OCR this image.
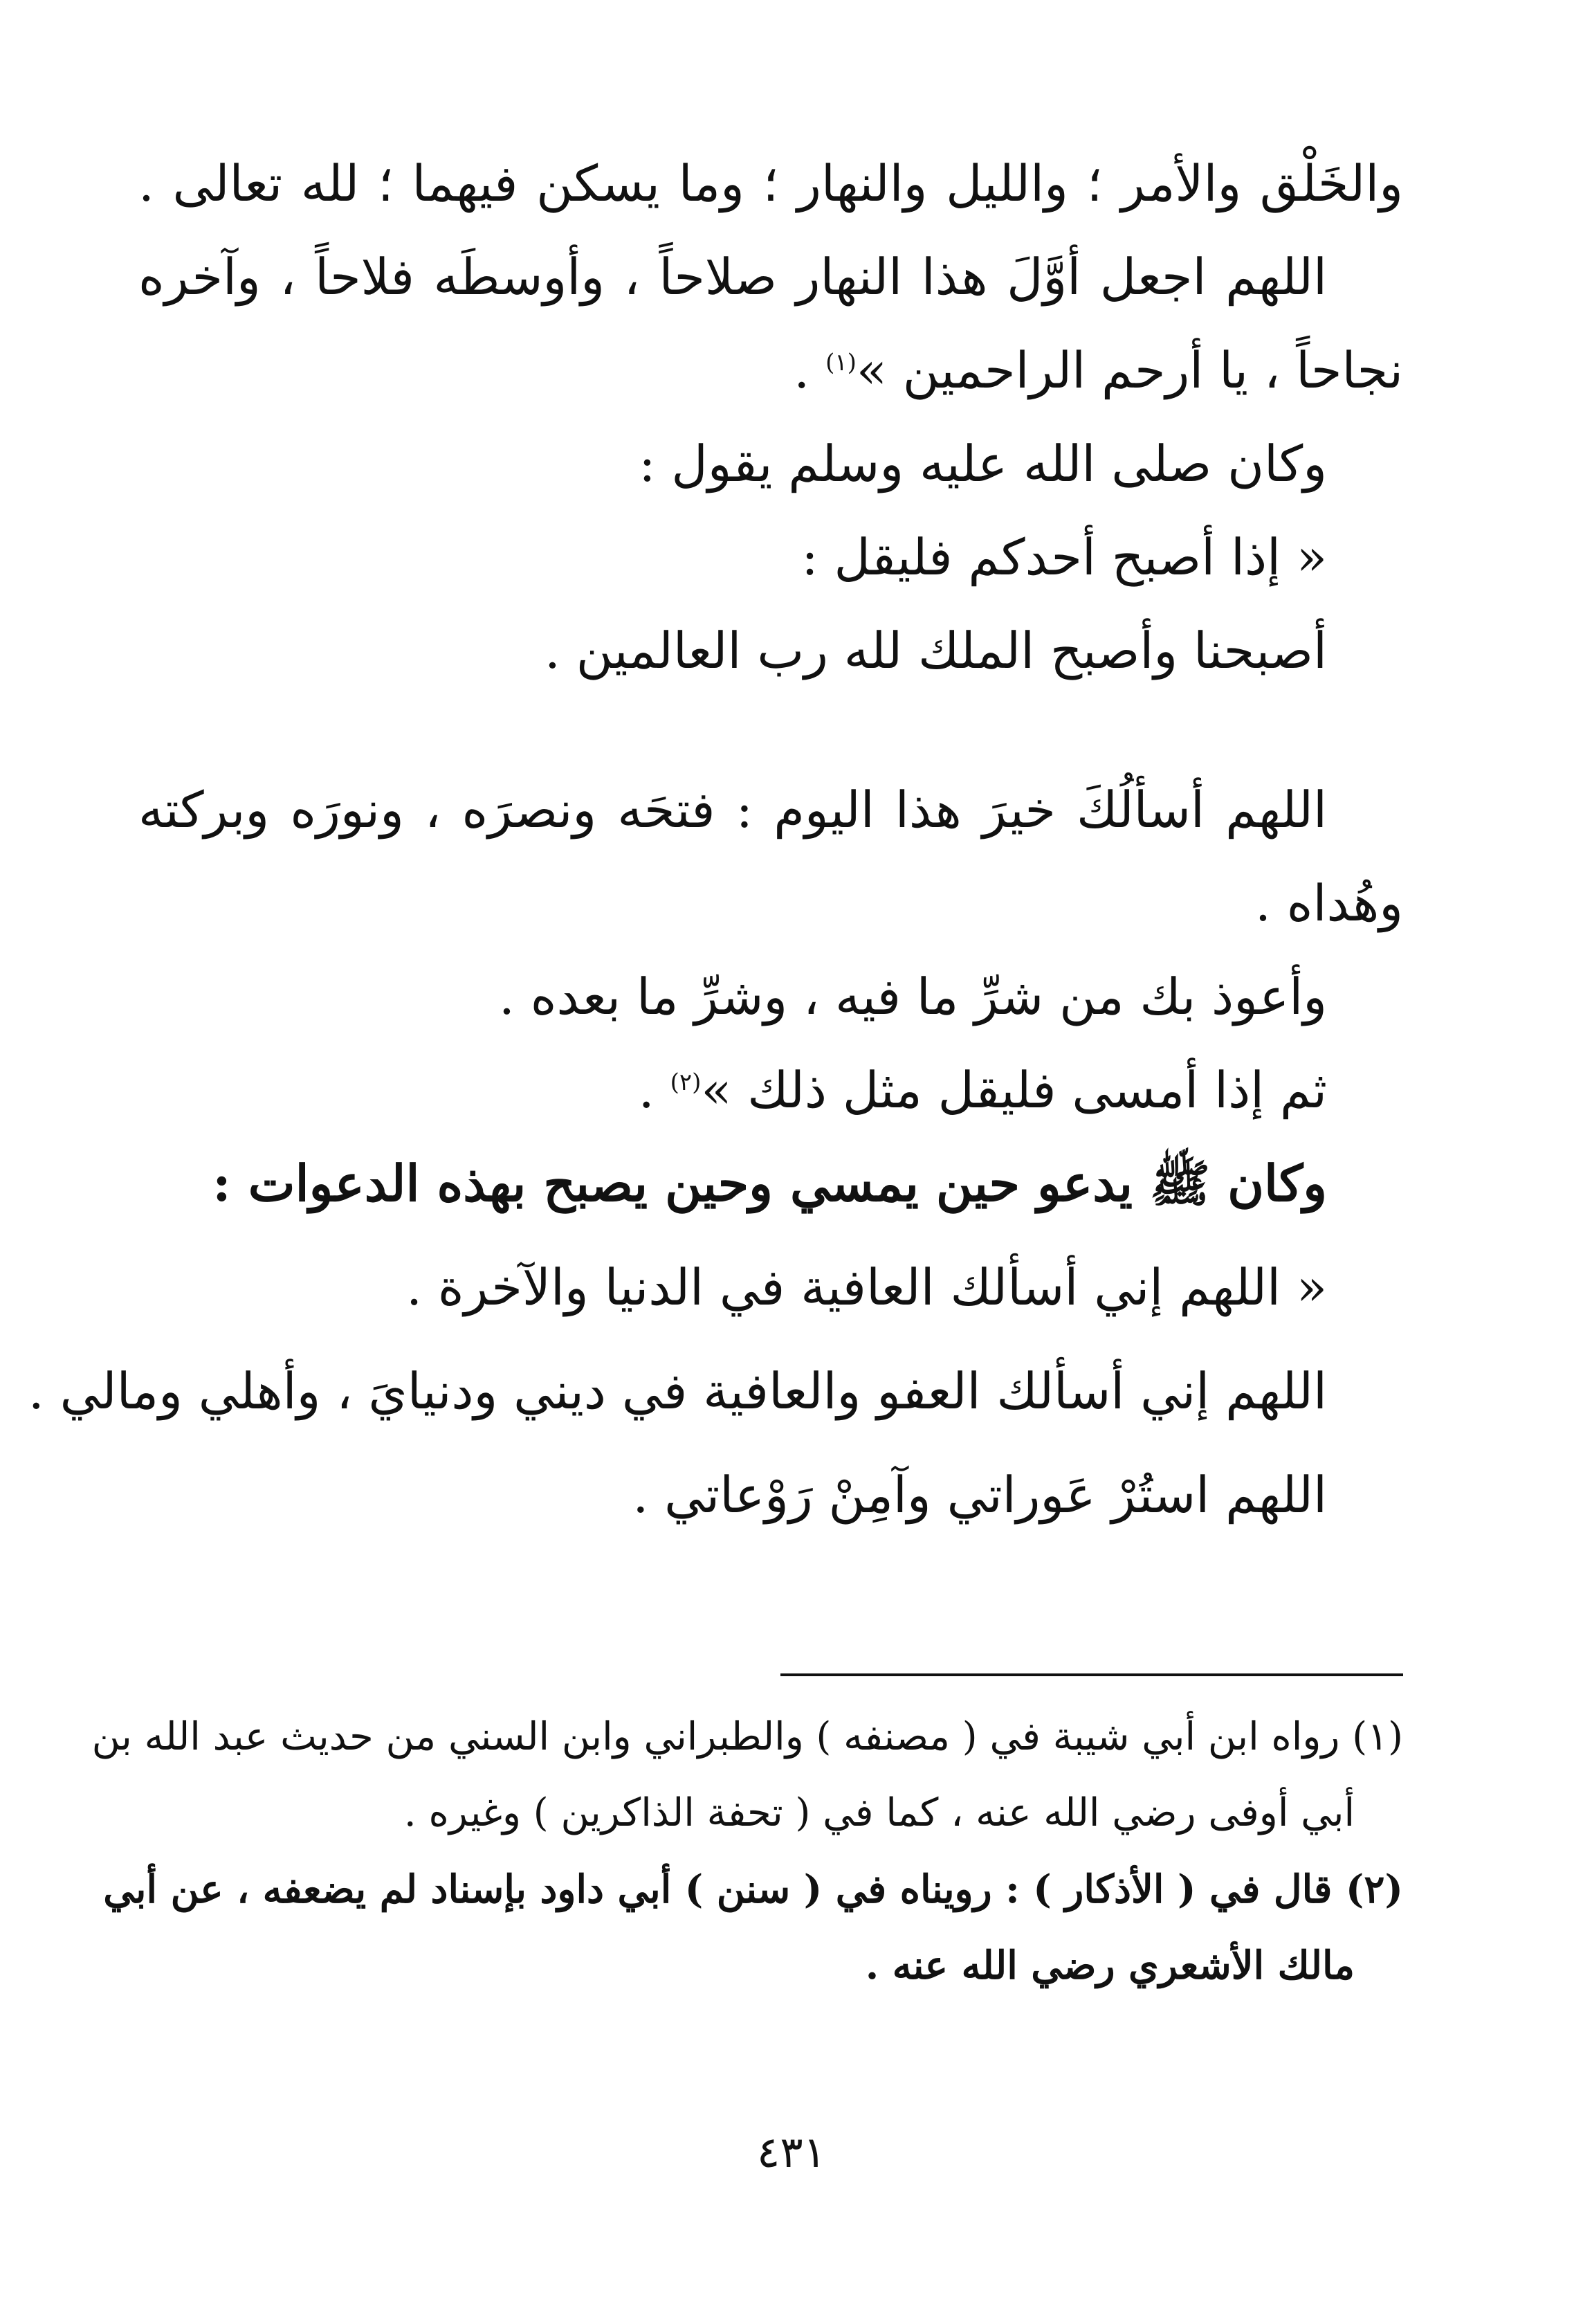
والخَلْق والأمر ؛ والليل والنهار ؛ وما يسكن فيهما ؛ لله تعالى .
اللهم اجعل أوَّلَ هذا النهار صلاحاً ، وأوسطَه فلاحاً ، وآخره
نجاحاً ، يا أرحم الراحمين »$^{(١)}$ .
وكان صلى الله عليه وسلم يقول :
« إذا أصبح أحدكم فليقل :
أصبحنا وأصبح الملك لله رب العالمين .
اللهم أسألُكَ خيرَ هذا اليوم : فتحَه ونصرَه ، ونورَه وبركته
وهُداه .
وأعوذ بك من شرِّ ما فيه ، وشرِّ ما بعده .
ثم إذا أمسى فليقل مثل ذلك »$^{(٢)}$ .
وكان ﷺ يدعو حين يمسي وحين يصبح بهذه الدعوات :
« اللهم إني أسألك العافية في الدنيا والآخرة .
اللهم إني أسألك العفو والعافية في ديني ودنيايَ ، وأهلي ومالي .
اللهم استُرْ عَوراتي وآمِنْ رَوْعاتي .
(١) رواه ابن أبي شيبة في ( مصنفه ) والطبراني وابن السني من حديث عبد الله بن
أبي أوفى رضي الله عنه ، كما في ( تحفة الذاكرين ) وغيره .
(٢) قال في ( الأذكار ) : رويناه في ( سنن ) أبي داود بإسناد لم يضعفه ، عن أبي
مالك الأشعري رضي الله عنه .
٤٣١
